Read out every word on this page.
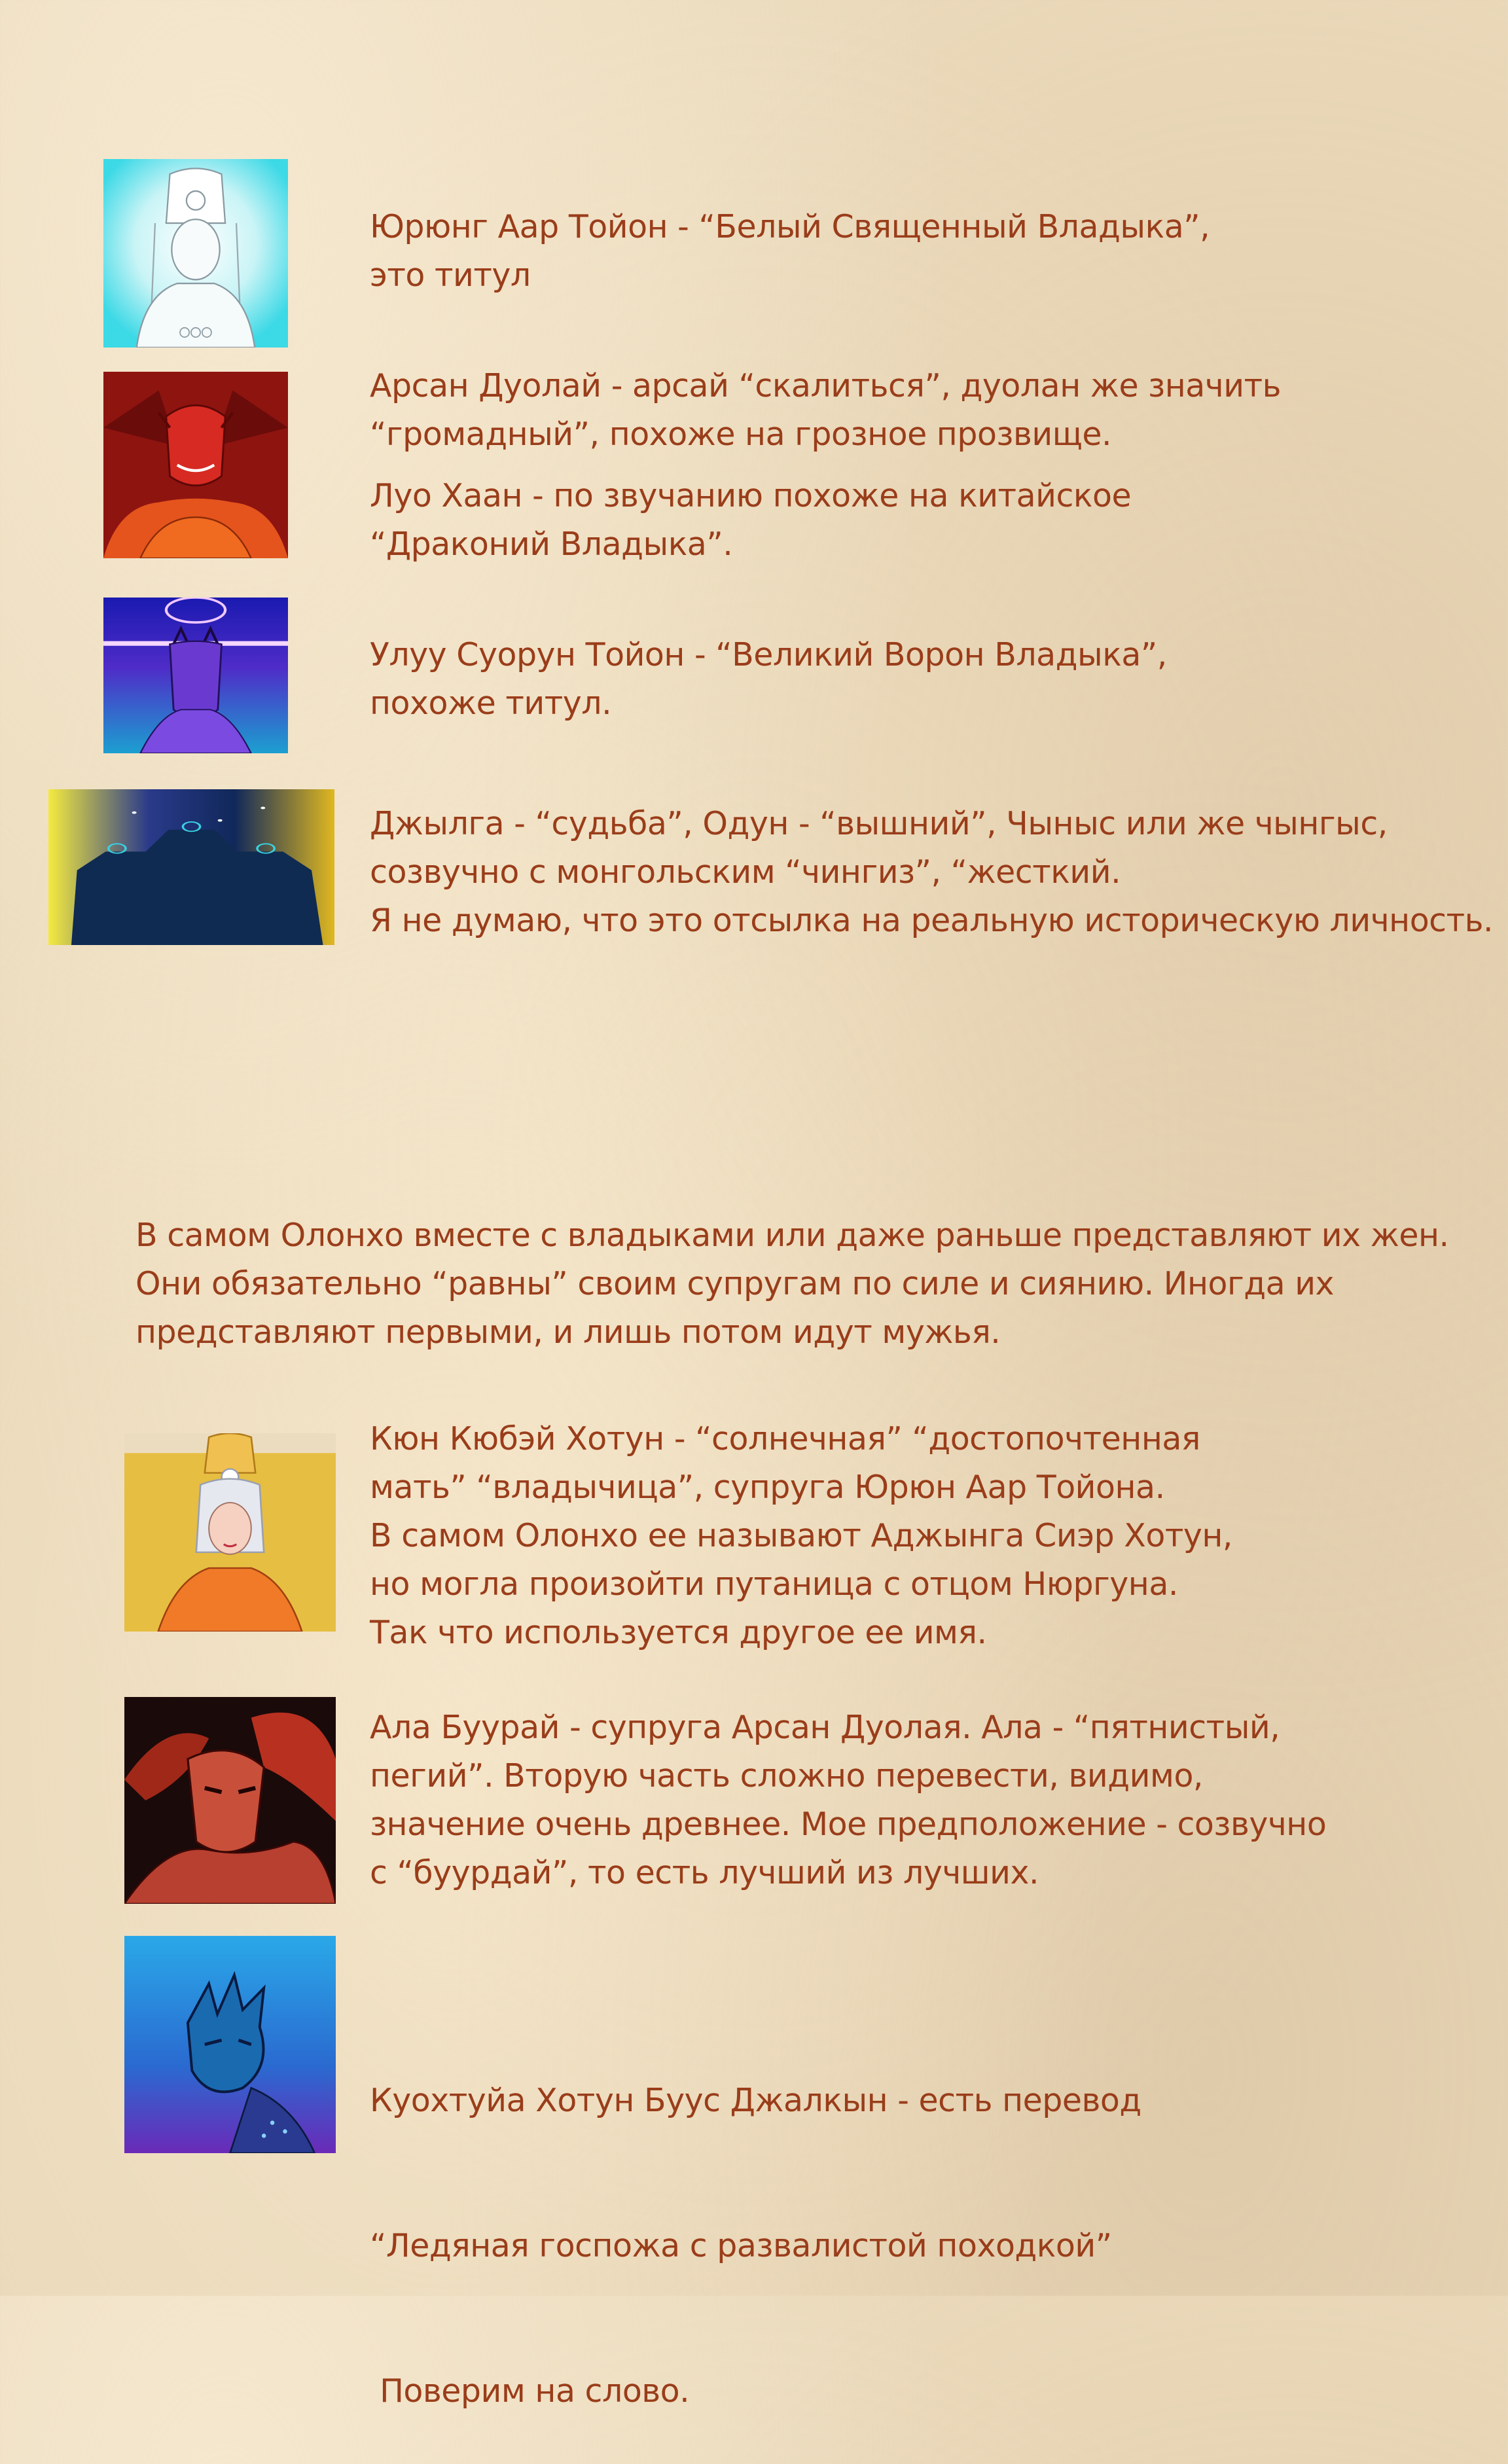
Юрюнг Аар Тойон - “Белый Священный Владыка”,
это титул
Арсан Дуолай - арсай “скалиться”, дуолан же значить
“громадный”, похоже на грозное прозвище.
Луо Хаан - по звучанию похоже на китайское
“Драконий Владыка”.
Улуу Суорун Тойон - “Великий Ворон Владыка”,
похоже титул.
Джылга - “судьба”, Одун - “вышний”, Чыныс или же чынгыс,
созвучно с монгольским “чингиз”, “жесткий.
Я не думаю, что это отсылка на реальную историческую личность.
В самом Олонхо вместе с владыками или даже раньше представляют их жен.
Они обязательно “равны” своим супругам по силе и сиянию. Иногда их
представляют первыми, и лишь потом идут мужья.
Кюн Кюбэй Хотун - “солнечная” “достопочтенная
мать” “владычица”, супруга Юрюн Аар Тойона.
В самом Олонхо ее называют Аджынга Сиэр Хотун,
но могла произойти путаница с отцом Нюргуна.
Так что используется другое ее имя.
Ала Буурай - супруга Арсан Дуолая. Ала - “пятнистый,
пегий”. Вторую часть сложно перевести, видимо,
значение очень древнее. Мое предположение - созвучно
с “буурдай”, то есть лучший из лучших.

Куохтуйа Хотун Буус Джалкын - есть перевод

“Ледяная госпожа с развалистой походкой”

Поверим на слово.
